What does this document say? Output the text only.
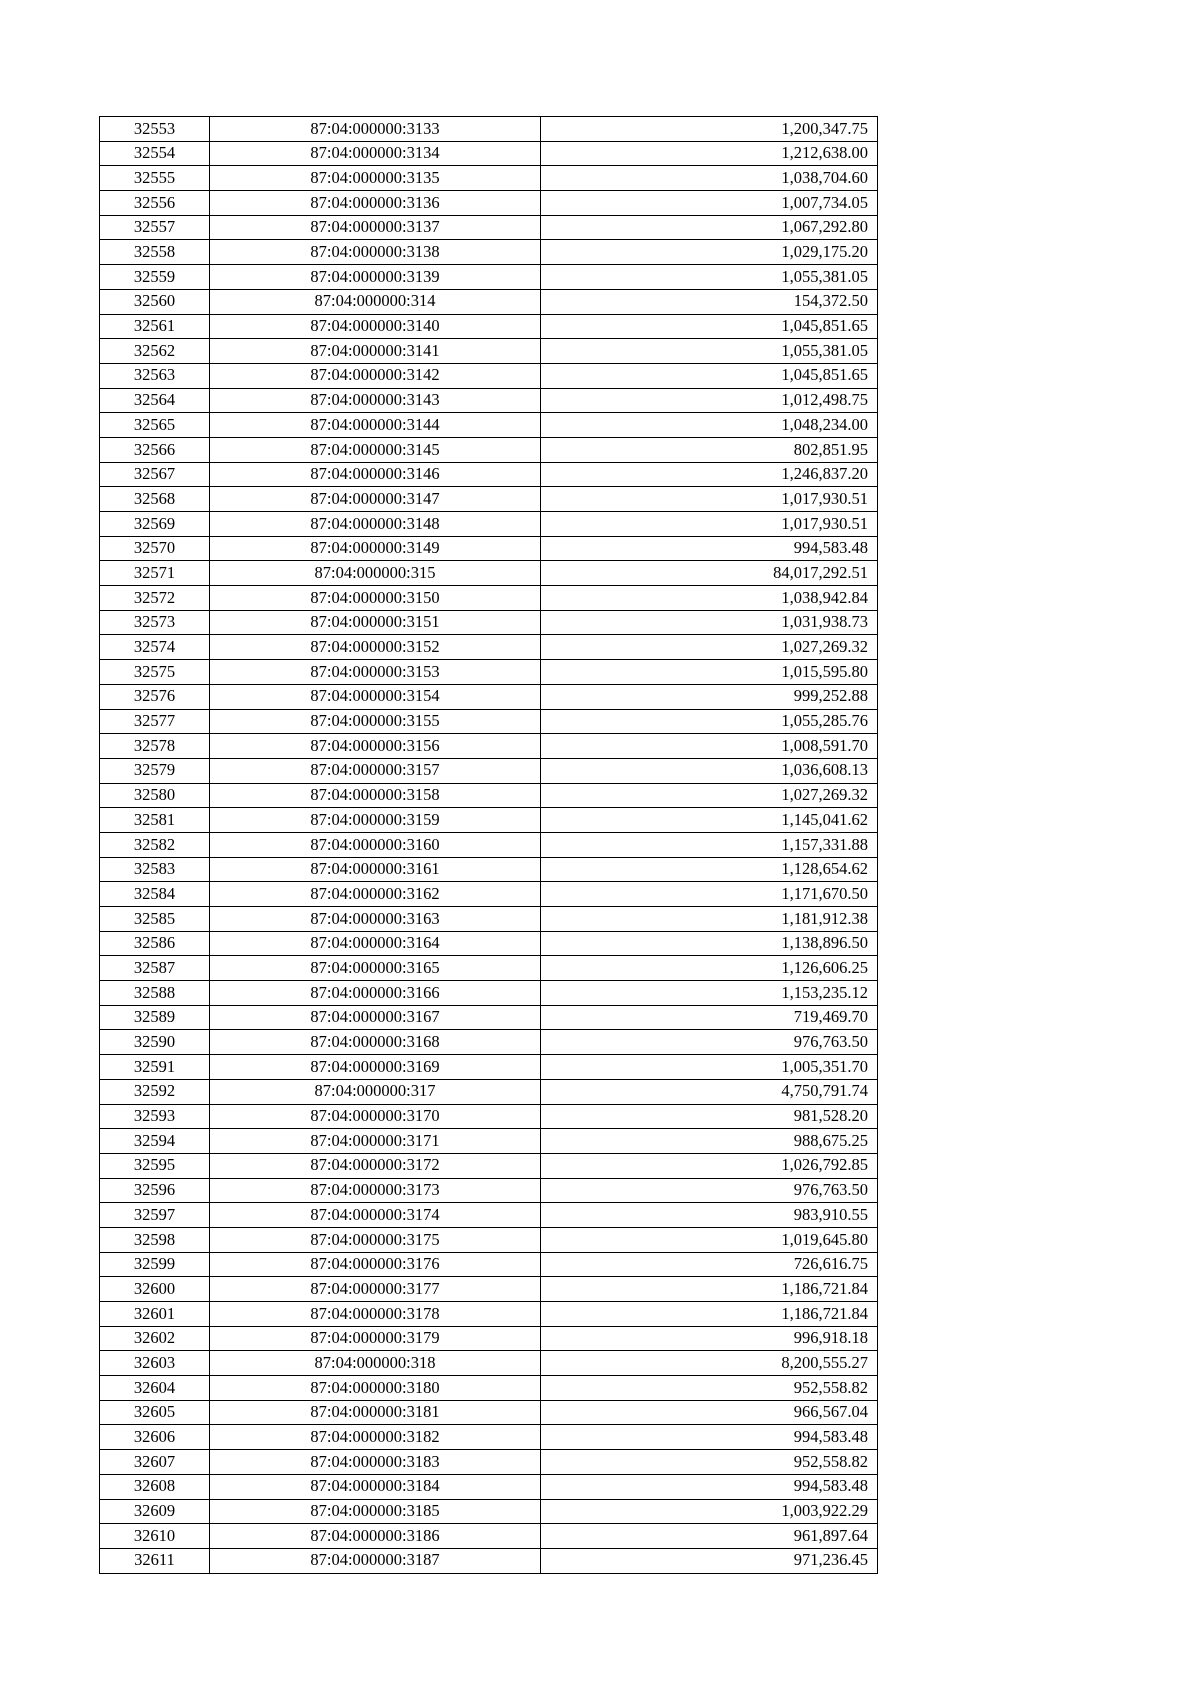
32553	87:04:000000:3133	1,200,347.75
32554	87:04:000000:3134	1,212,638.00
32555	87:04:000000:3135	1,038,704.60
32556	87:04:000000:3136	1,007,734.05
32557	87:04:000000:3137	1,067,292.80
32558	87:04:000000:3138	1,029,175.20
32559	87:04:000000:3139	1,055,381.05
32560	87:04:000000:314	154,372.50
32561	87:04:000000:3140	1,045,851.65
32562	87:04:000000:3141	1,055,381.05
32563	87:04:000000:3142	1,045,851.65
32564	87:04:000000:3143	1,012,498.75
32565	87:04:000000:3144	1,048,234.00
32566	87:04:000000:3145	802,851.95
32567	87:04:000000:3146	1,246,837.20
32568	87:04:000000:3147	1,017,930.51
32569	87:04:000000:3148	1,017,930.51
32570	87:04:000000:3149	994,583.48
32571	87:04:000000:315	84,017,292.51
32572	87:04:000000:3150	1,038,942.84
32573	87:04:000000:3151	1,031,938.73
32574	87:04:000000:3152	1,027,269.32
32575	87:04:000000:3153	1,015,595.80
32576	87:04:000000:3154	999,252.88
32577	87:04:000000:3155	1,055,285.76
32578	87:04:000000:3156	1,008,591.70
32579	87:04:000000:3157	1,036,608.13
32580	87:04:000000:3158	1,027,269.32
32581	87:04:000000:3159	1,145,041.62
32582	87:04:000000:3160	1,157,331.88
32583	87:04:000000:3161	1,128,654.62
32584	87:04:000000:3162	1,171,670.50
32585	87:04:000000:3163	1,181,912.38
32586	87:04:000000:3164	1,138,896.50
32587	87:04:000000:3165	1,126,606.25
32588	87:04:000000:3166	1,153,235.12
32589	87:04:000000:3167	719,469.70
32590	87:04:000000:3168	976,763.50
32591	87:04:000000:3169	1,005,351.70
32592	87:04:000000:317	4,750,791.74
32593	87:04:000000:3170	981,528.20
32594	87:04:000000:3171	988,675.25
32595	87:04:000000:3172	1,026,792.85
32596	87:04:000000:3173	976,763.50
32597	87:04:000000:3174	983,910.55
32598	87:04:000000:3175	1,019,645.80
32599	87:04:000000:3176	726,616.75
32600	87:04:000000:3177	1,186,721.84
32601	87:04:000000:3178	1,186,721.84
32602	87:04:000000:3179	996,918.18
32603	87:04:000000:318	8,200,555.27
32604	87:04:000000:3180	952,558.82
32605	87:04:000000:3181	966,567.04
32606	87:04:000000:3182	994,583.48
32607	87:04:000000:3183	952,558.82
32608	87:04:000000:3184	994,583.48
32609	87:04:000000:3185	1,003,922.29
32610	87:04:000000:3186	961,897.64
32611	87:04:000000:3187	971,236.45
